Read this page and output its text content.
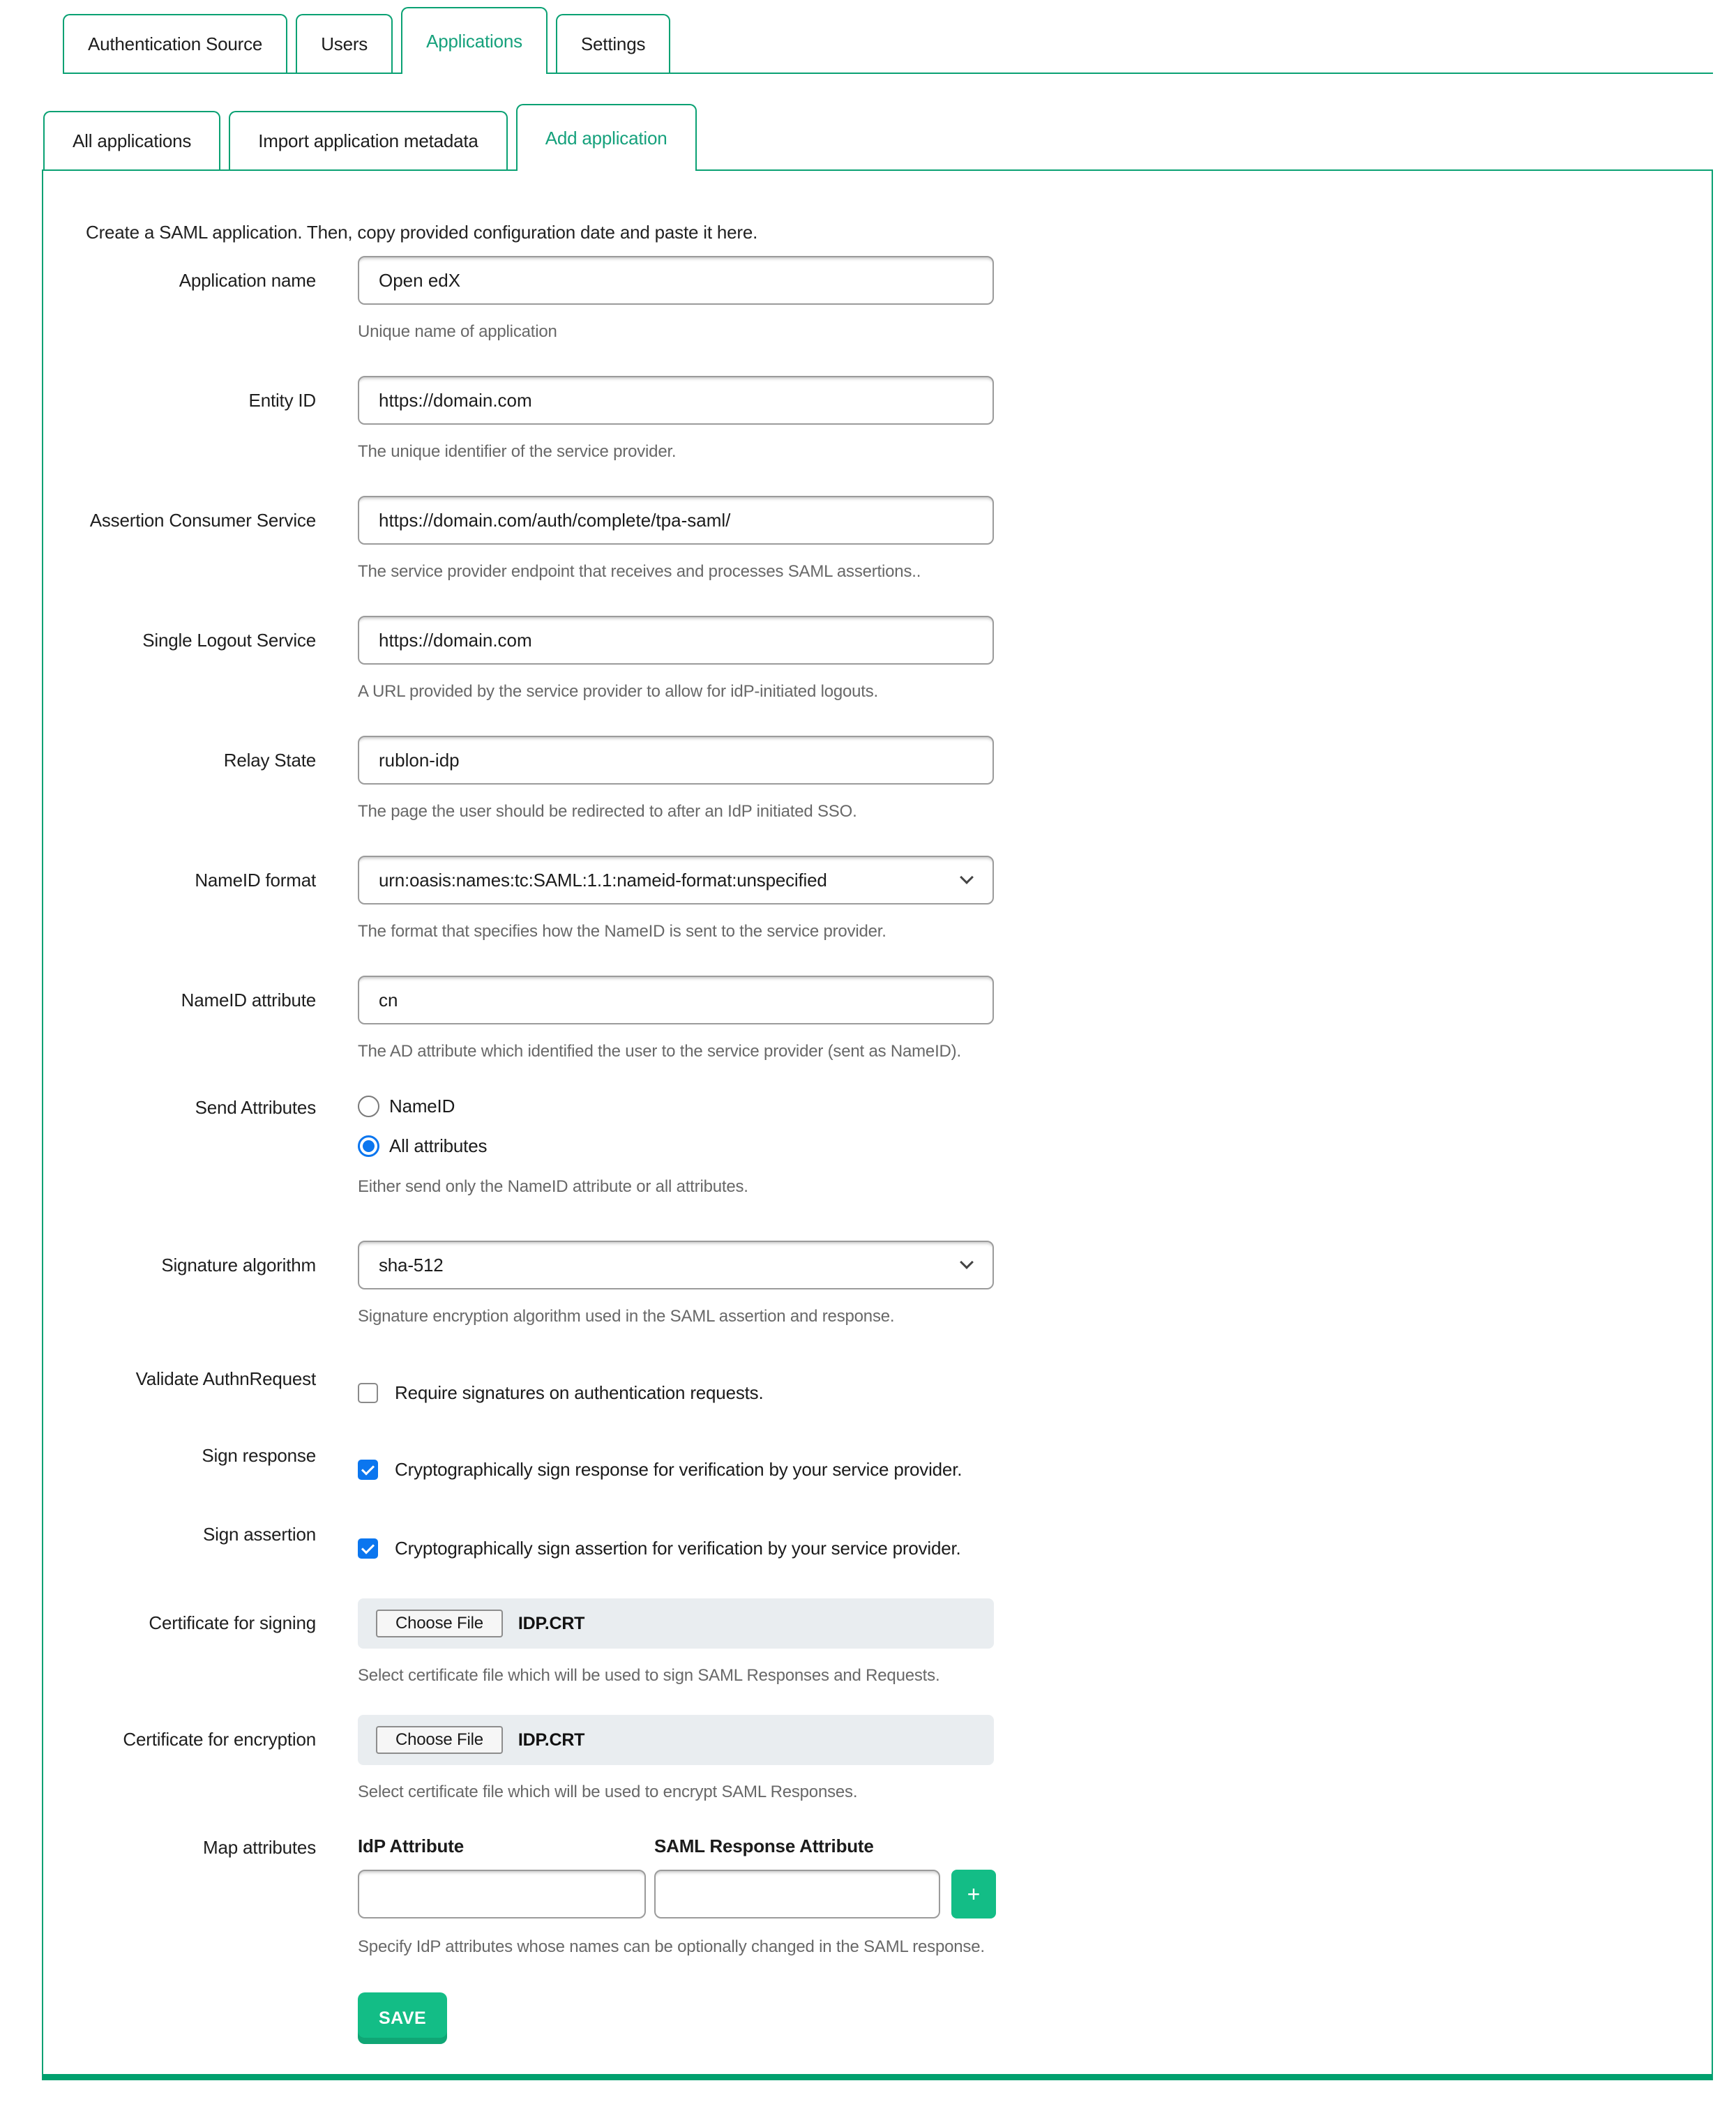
Authentication Source	Users	Applications	Settings
All applications	Import application metadata	Add application
Create a SAML application. Then, copy provided configuration date and paste it here.
Application name
Open edX
Unique name of application
Entity ID
https://domain.com
The unique identifier of the service provider.
Assertion Consumer Service
https://domain.com/auth/complete/tpa-saml/
The service provider endpoint that receives and processes SAML assertions..
Single Logout Service
https://domain.com
A URL provided by the service provider to allow for idP-initiated logouts.
Relay State
rublon-idp
The page the user should be redirected to after an IdP initiated SSO.
NameID format	urn:oasis:names:tc:SAML:1.1:nameid-format:unspecified
The format that specifies how the NameID is sent to the service provider.
NameID attribute
cn
The AD attribute which identified the user to the service provider (sent as NameID).
Send Attributes	NameID
All attributes
Either send only the NameID attribute or all attributes.
Signature algorithm	sha-512
Signature encryption algorithm used in the SAML assertion and response.
Validate AuthnRequest
Require signatures on authentication requests.
Sign response
Cryptographically sign response for verification by your service provider.
Sign assertion
Cryptographically sign assertion for verification by your service provider.
Certificate for signing	Choose File	IDP.CRT
Select certificate file which will be used to sign SAML Responses and Requests.
Certificate for encryption	Choose File	IDP.CRT
Select certificate file which will be used to encrypt SAML Responses.
Map attributes IdP Attribute	SAML Response Attribute
+
Specify IdP attributes whose names can be optionally changed in the SAML response.
SAVE
